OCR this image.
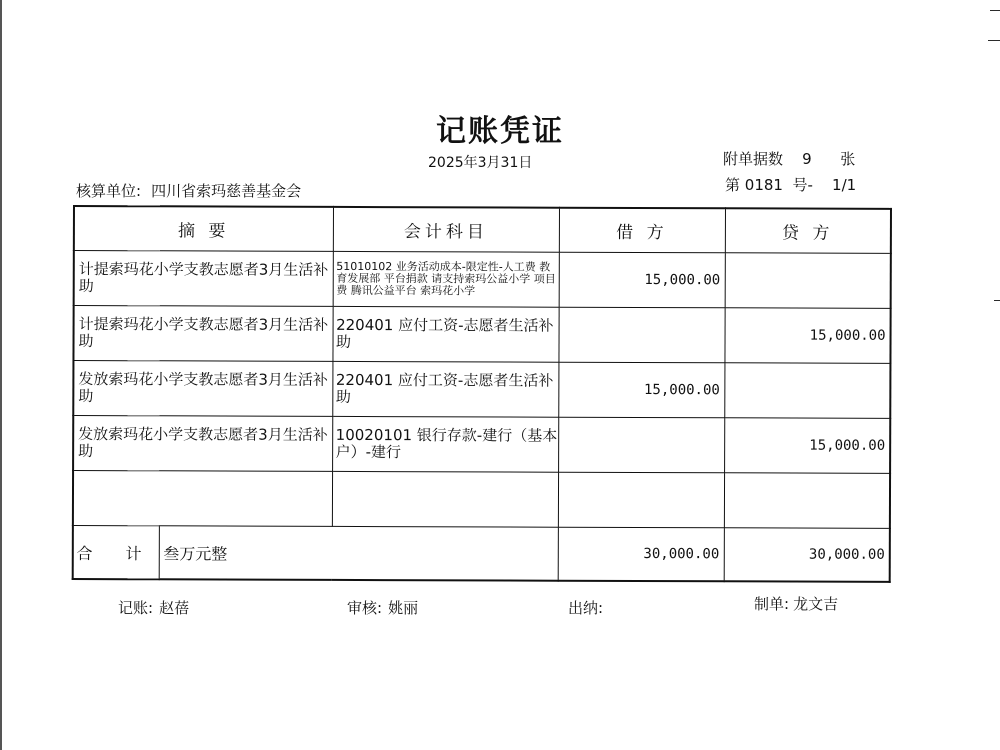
记账凭证
2025年3月31日	附单据数 9 张
第 0181 号- 1/1
核算单位: 四川省索玛慈善基金会
摘 要		会计科目	借 方	贷 方
计提索玛花小学支教志愿者3月生活补助		51010102 业务活动成本-限定性-人工费 教育发展部 平台捐款 请支持索玛公益小学 项目费 腾讯公益平台 索玛花小学	15,000.00	
计提索玛花小学支教志愿者3月生活补助		220401 应付工资-志愿者生活补助		15,000.00
发放索玛花小学支教志愿者3月生活补助		220401 应付工资-志愿者生活补助	15,000.00	
发放索玛花小学支教志愿者3月生活补助		10020101 银行存款-建行（基本户）-建行		15,000.00

合 计	叁万元整		30,000.00	30,000.00
记账: 赵蓓	审核: 姚丽	出纳:	制单: 龙文吉
